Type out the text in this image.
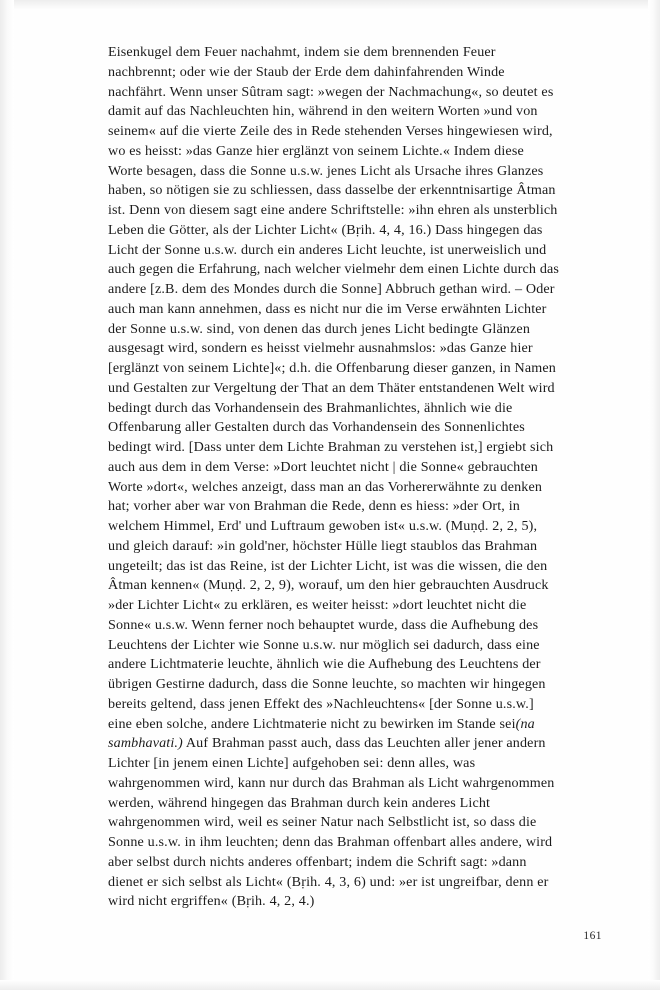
Eisenkugel dem Feuer nachahmt, indem sie dem brennenden Feuer nachbrennt; oder wie der Staub der Erde dem dahinfahrenden Winde nachfährt. Wenn unser Sûtram sagt: »wegen der Nachmachung«, so deutet es damit auf das Nachleuchten hin, während in den weitern Worten »und von seinem« auf die vierte Zeile des in Rede stehenden Verses hingewiesen wird, wo es heisst: »das Ganze hier erglänzt von seinem Lichte.« Indem diese Worte besagen, dass die Sonne u.s.w. jenes Licht als Ursache ihres Glanzes haben, so nötigen sie zu schliessen, dass dasselbe der erkenntnisartige Âtman ist. Denn von diesem sagt eine andere Schriftstelle: »ihn ehren als unsterblich Leben die Götter, als der Lichter Licht« (Bṛih. 4, 4, 16.) Dass hingegen das Licht der Sonne u.s.w. durch ein anderes Licht leuchte, ist unerweislich und auch gegen die Erfahrung, nach welcher vielmehr dem einen Lichte durch das andere [z.B. dem des Mondes durch die Sonne] Abbruch gethan wird. – Oder auch man kann annehmen, dass es nicht nur die im Verse erwähnten Lichter der Sonne u.s.w. sind, von denen das durch jenes Licht bedingte Glänzen ausgesagt wird, sondern es heisst vielmehr ausnahmslos: »das Ganze hier [erglänzt von seinem Lichte]«; d.h. die Offenbarung dieser ganzen, in Namen und Gestalten zur Vergeltung der That an dem Thäter entstandenen Welt wird bedingt durch das Vorhandensein des Brahmanlichtes, ähnlich wie die Offenbarung aller Gestalten durch das Vorhandensein des Sonnenlichtes bedingt wird. [Dass unter dem Lichte Brahman zu verstehen ist,] ergiebt sich auch aus dem in dem Verse: »Dort leuchtet nicht | die Sonne« gebrauchten Worte »dort«, welches anzeigt, dass man an das Vorhererwähnte zu denken hat; vorher aber war von Brahman die Rede, denn es hiess: »der Ort, in welchem Himmel, Erd' und Luftraum gewoben ist« u.s.w. (Muṇḍ. 2, 2, 5), und gleich darauf: »in gold'ner, höchster Hülle liegt staublos das Brahman ungeteilt; das ist das Reine, ist der Lichter Licht, ist was die wissen, die den Âtman kennen« (Muṇḍ. 2, 2, 9), worauf, um den hier gebrauchten Ausdruck »der Lichter Licht« zu erklären, es weiter heisst: »dort leuchtet nicht die Sonne« u.s.w. Wenn ferner noch behauptet wurde, dass die Aufhebung des Leuchtens der Lichter wie Sonne u.s.w. nur möglich sei dadurch, dass eine andere Lichtmaterie leuchte, ähnlich wie die Aufhebung des Leuchtens der übrigen Gestirne dadurch, dass die Sonne leuchte, so machten wir hingegen bereits geltend, dass jenen Effekt des »Nachleuchtens« [der Sonne u.s.w.] eine eben solche, andere Lichtmaterie nicht zu bewirken im Stande sei(na sambhavati.) Auf Brahman passt auch, dass das Leuchten aller jener andern Lichter [in jenem einen Lichte] aufgehoben sei: denn alles, was wahrgenommen wird, kann nur durch das Brahman als Licht wahrgenommen werden, während hingegen das Brahman durch kein anderes Licht wahrgenommen wird, weil es seiner Natur nach Selbstlicht ist, so dass die Sonne u.s.w. in ihm leuchten; denn das Brahman offenbart alles andere, wird aber selbst durch nichts anderes offenbart; indem die Schrift sagt: »dann dienet er sich selbst als Licht« (Bṛih. 4, 3, 6) und: »er ist ungreifbar, denn er wird nicht ergriffen« (Bṛih. 4, 2, 4.)

161
